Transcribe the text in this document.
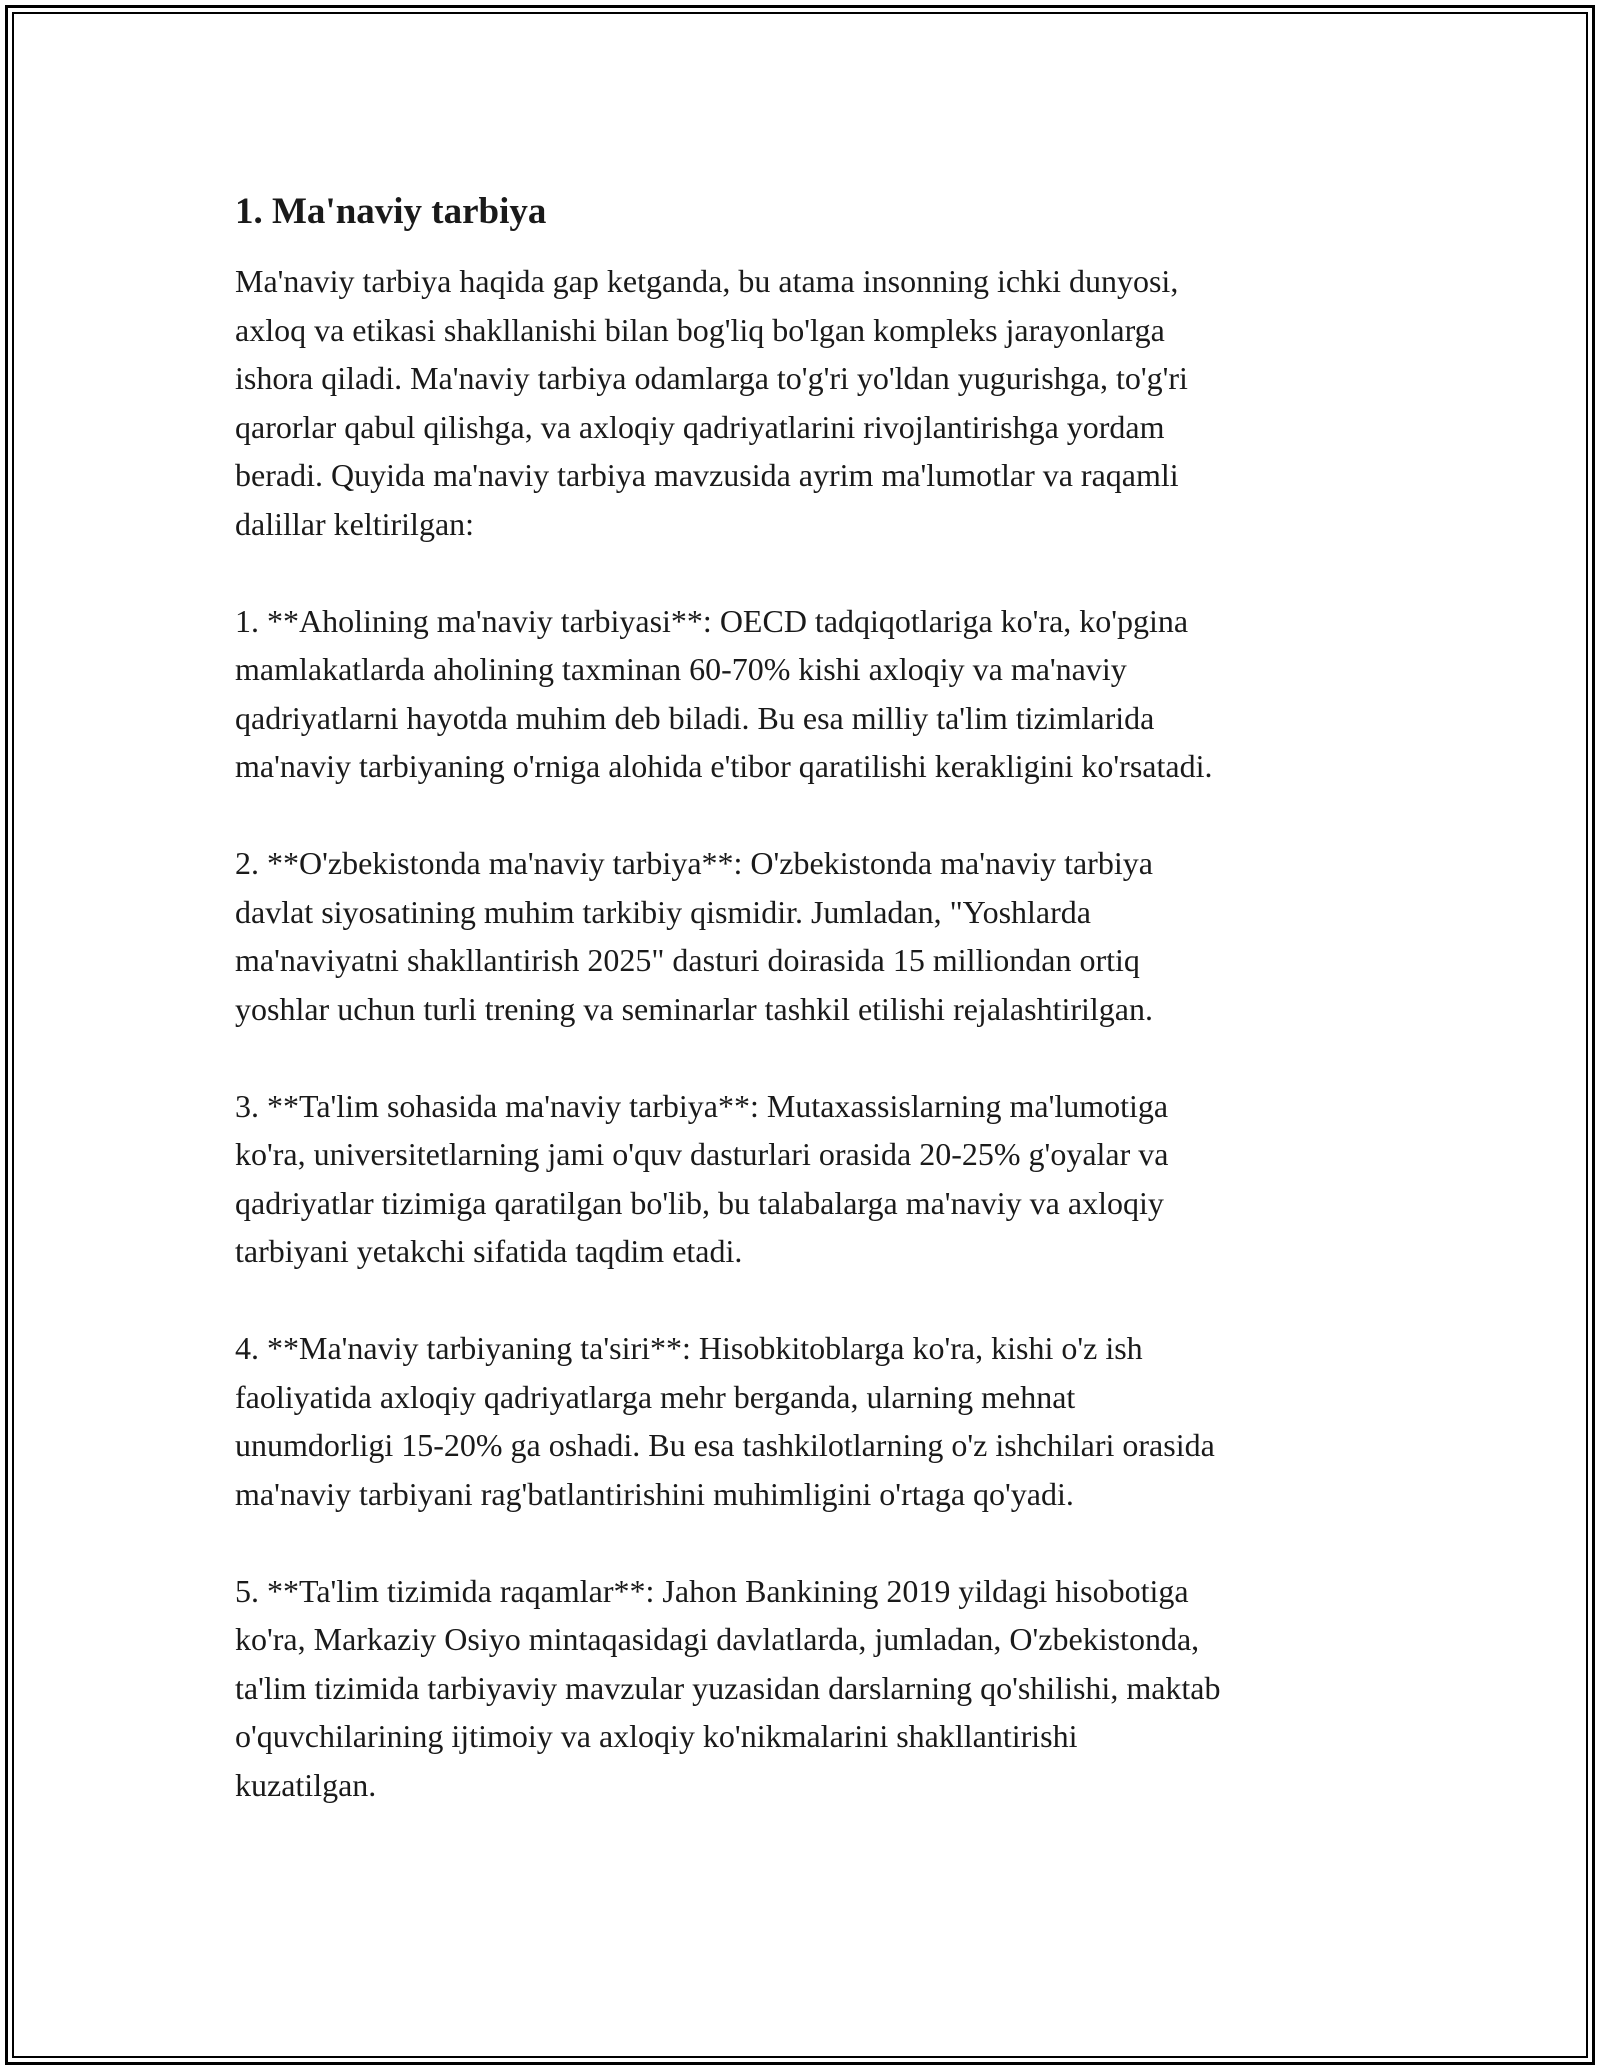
1. Ma'naviy tarbiya

Ma'naviy tarbiya haqida gap ketganda, bu atama insonning ichki dunyosi,
axloq va etikasi shakllanishi bilan bog'liq bo'lgan kompleks jarayonlarga
ishora qiladi. Ma'naviy tarbiya odamlarga to'g'ri yo'ldan yugurishga, to'g'ri
qarorlar qabul qilishga, va axloqiy qadriyatlarini rivojlantirishga yordam
beradi. Quyida ma'naviy tarbiya mavzusida ayrim ma'lumotlar va raqamli
dalillar keltirilgan:

1. **Aholining ma'naviy tarbiyasi**: OECD tadqiqotlariga ko'ra, ko'pgina
mamlakatlarda aholining taxminan 60-70% kishi axloqiy va ma'naviy
qadriyatlarni hayotda muhim deb biladi. Bu esa milliy ta'lim tizimlarida
ma'naviy tarbiyaning o'rniga alohida e'tibor qaratilishi kerakligini ko'rsatadi.

2. **O'zbekistonda ma'naviy tarbiya**: O'zbekistonda ma'naviy tarbiya
davlat siyosatining muhim tarkibiy qismidir. Jumladan, "Yoshlarda
ma'naviyatni shakllantirish 2025" dasturi doirasida 15 milliondan ortiq
yoshlar uchun turli trening va seminarlar tashkil etilishi rejalashtirilgan.

3. **Ta'lim sohasida ma'naviy tarbiya**: Mutaxassislarning ma'lumotiga
ko'ra, universitetlarning jami o'quv dasturlari orasida 20-25% g'oyalar va
qadriyatlar tizimiga qaratilgan bo'lib, bu talabalarga ma'naviy va axloqiy
tarbiyani yetakchi sifatida taqdim etadi.

4. **Ma'naviy tarbiyaning ta'siri**: Hisobkitoblarga ko'ra, kishi o'z ish
faoliyatida axloqiy qadriyatlarga mehr berganda, ularning mehnat
unumdorligi 15-20% ga oshadi. Bu esa tashkilotlarning o'z ishchilari orasida
ma'naviy tarbiyani rag'batlantirishini muhimligini o'rtaga qo'yadi.

5. **Ta'lim tizimida raqamlar**: Jahon Bankining 2019 yildagi hisobotiga
ko'ra, Markaziy Osiyo mintaqasidagi davlatlarda, jumladan, O'zbekistonda,
ta'lim tizimida tarbiyaviy mavzular yuzasidan darslarning qo'shilishi, maktab
o'quvchilarining ijtimoiy va axloqiy ko'nikmalarini shakllantirishi
kuzatilgan.
